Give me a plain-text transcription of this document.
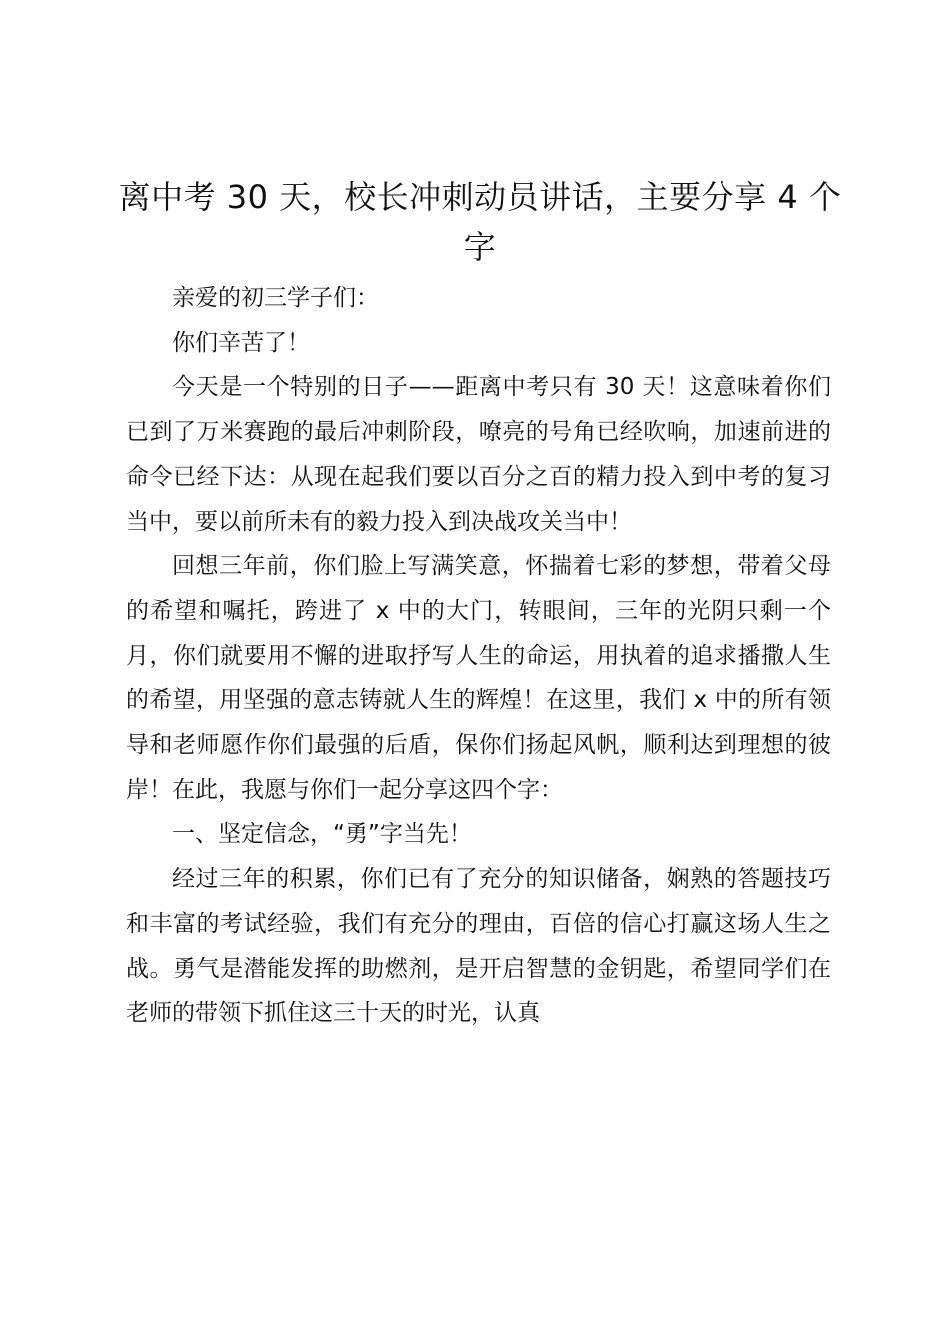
离中考 30 天，校长冲刺动员讲话，主要分享 4 个字

亲爱的初三学子们：

你们辛苦了！

今天是一个特别的日子——距离中考只有 30 天！这意味着你们已到了万米赛跑的最后冲刺阶段，嘹亮的号角已经吹响，加速前进的命令已经下达：从现在起我们要以百分之百的精力投入到中考的复习当中，要以前所未有的毅力投入到决战攻关当中！

回想三年前，你们脸上写满笑意，怀揣着七彩的梦想，带着父母的希望和嘱托，跨进了 x 中的大门，转眼间，三年的光阴只剩一个月，你们就要用不懈的进取抒写人生的命运，用执着的追求播撒人生的希望，用坚强的意志铸就人生的辉煌！在这里，我们 x 中的所有领导和老师愿作你们最强的后盾，保你们扬起风帆，顺利达到理想的彼岸！在此，我愿与你们一起分享这四个字：

一、坚定信念，“勇”字当先！

经过三年的积累，你们已有了充分的知识储备，娴熟的答题技巧和丰富的考试经验，我们有充分的理由，百倍的信心打赢这场人生之战。勇气是潜能发挥的助燃剂，是开启智慧的金钥匙，希望同学们在老师的带领下抓住这三十天的时光，认真
